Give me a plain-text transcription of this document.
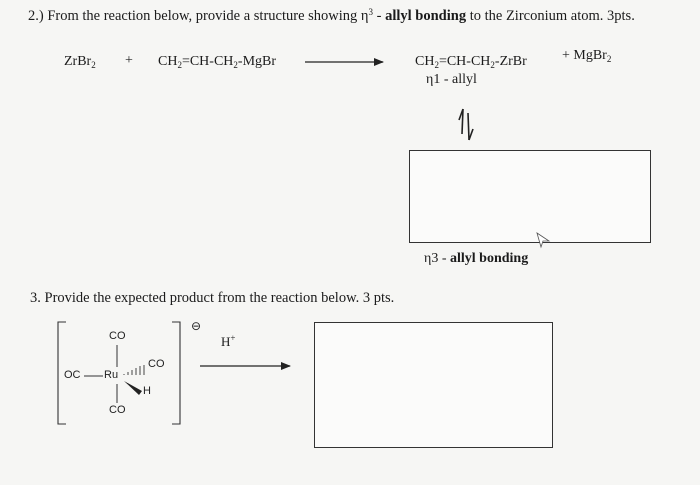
2.) From the reaction below, provide a structure showing $\eta^3$ - allyl bonding to the Zirconium atom. 3pts.
ZrBr$_2$ + $CH_2=CH-CH_2$-MgBr	$CH_2=CH-CH_2$-ZrBr
η1 - allyl
+ MgBr$_2$
η3 - allyl bonding
3. Provide the expected product from the reaction below. 3 pts.
CO
OC Ru
CO
H
CO
⊖
H+
